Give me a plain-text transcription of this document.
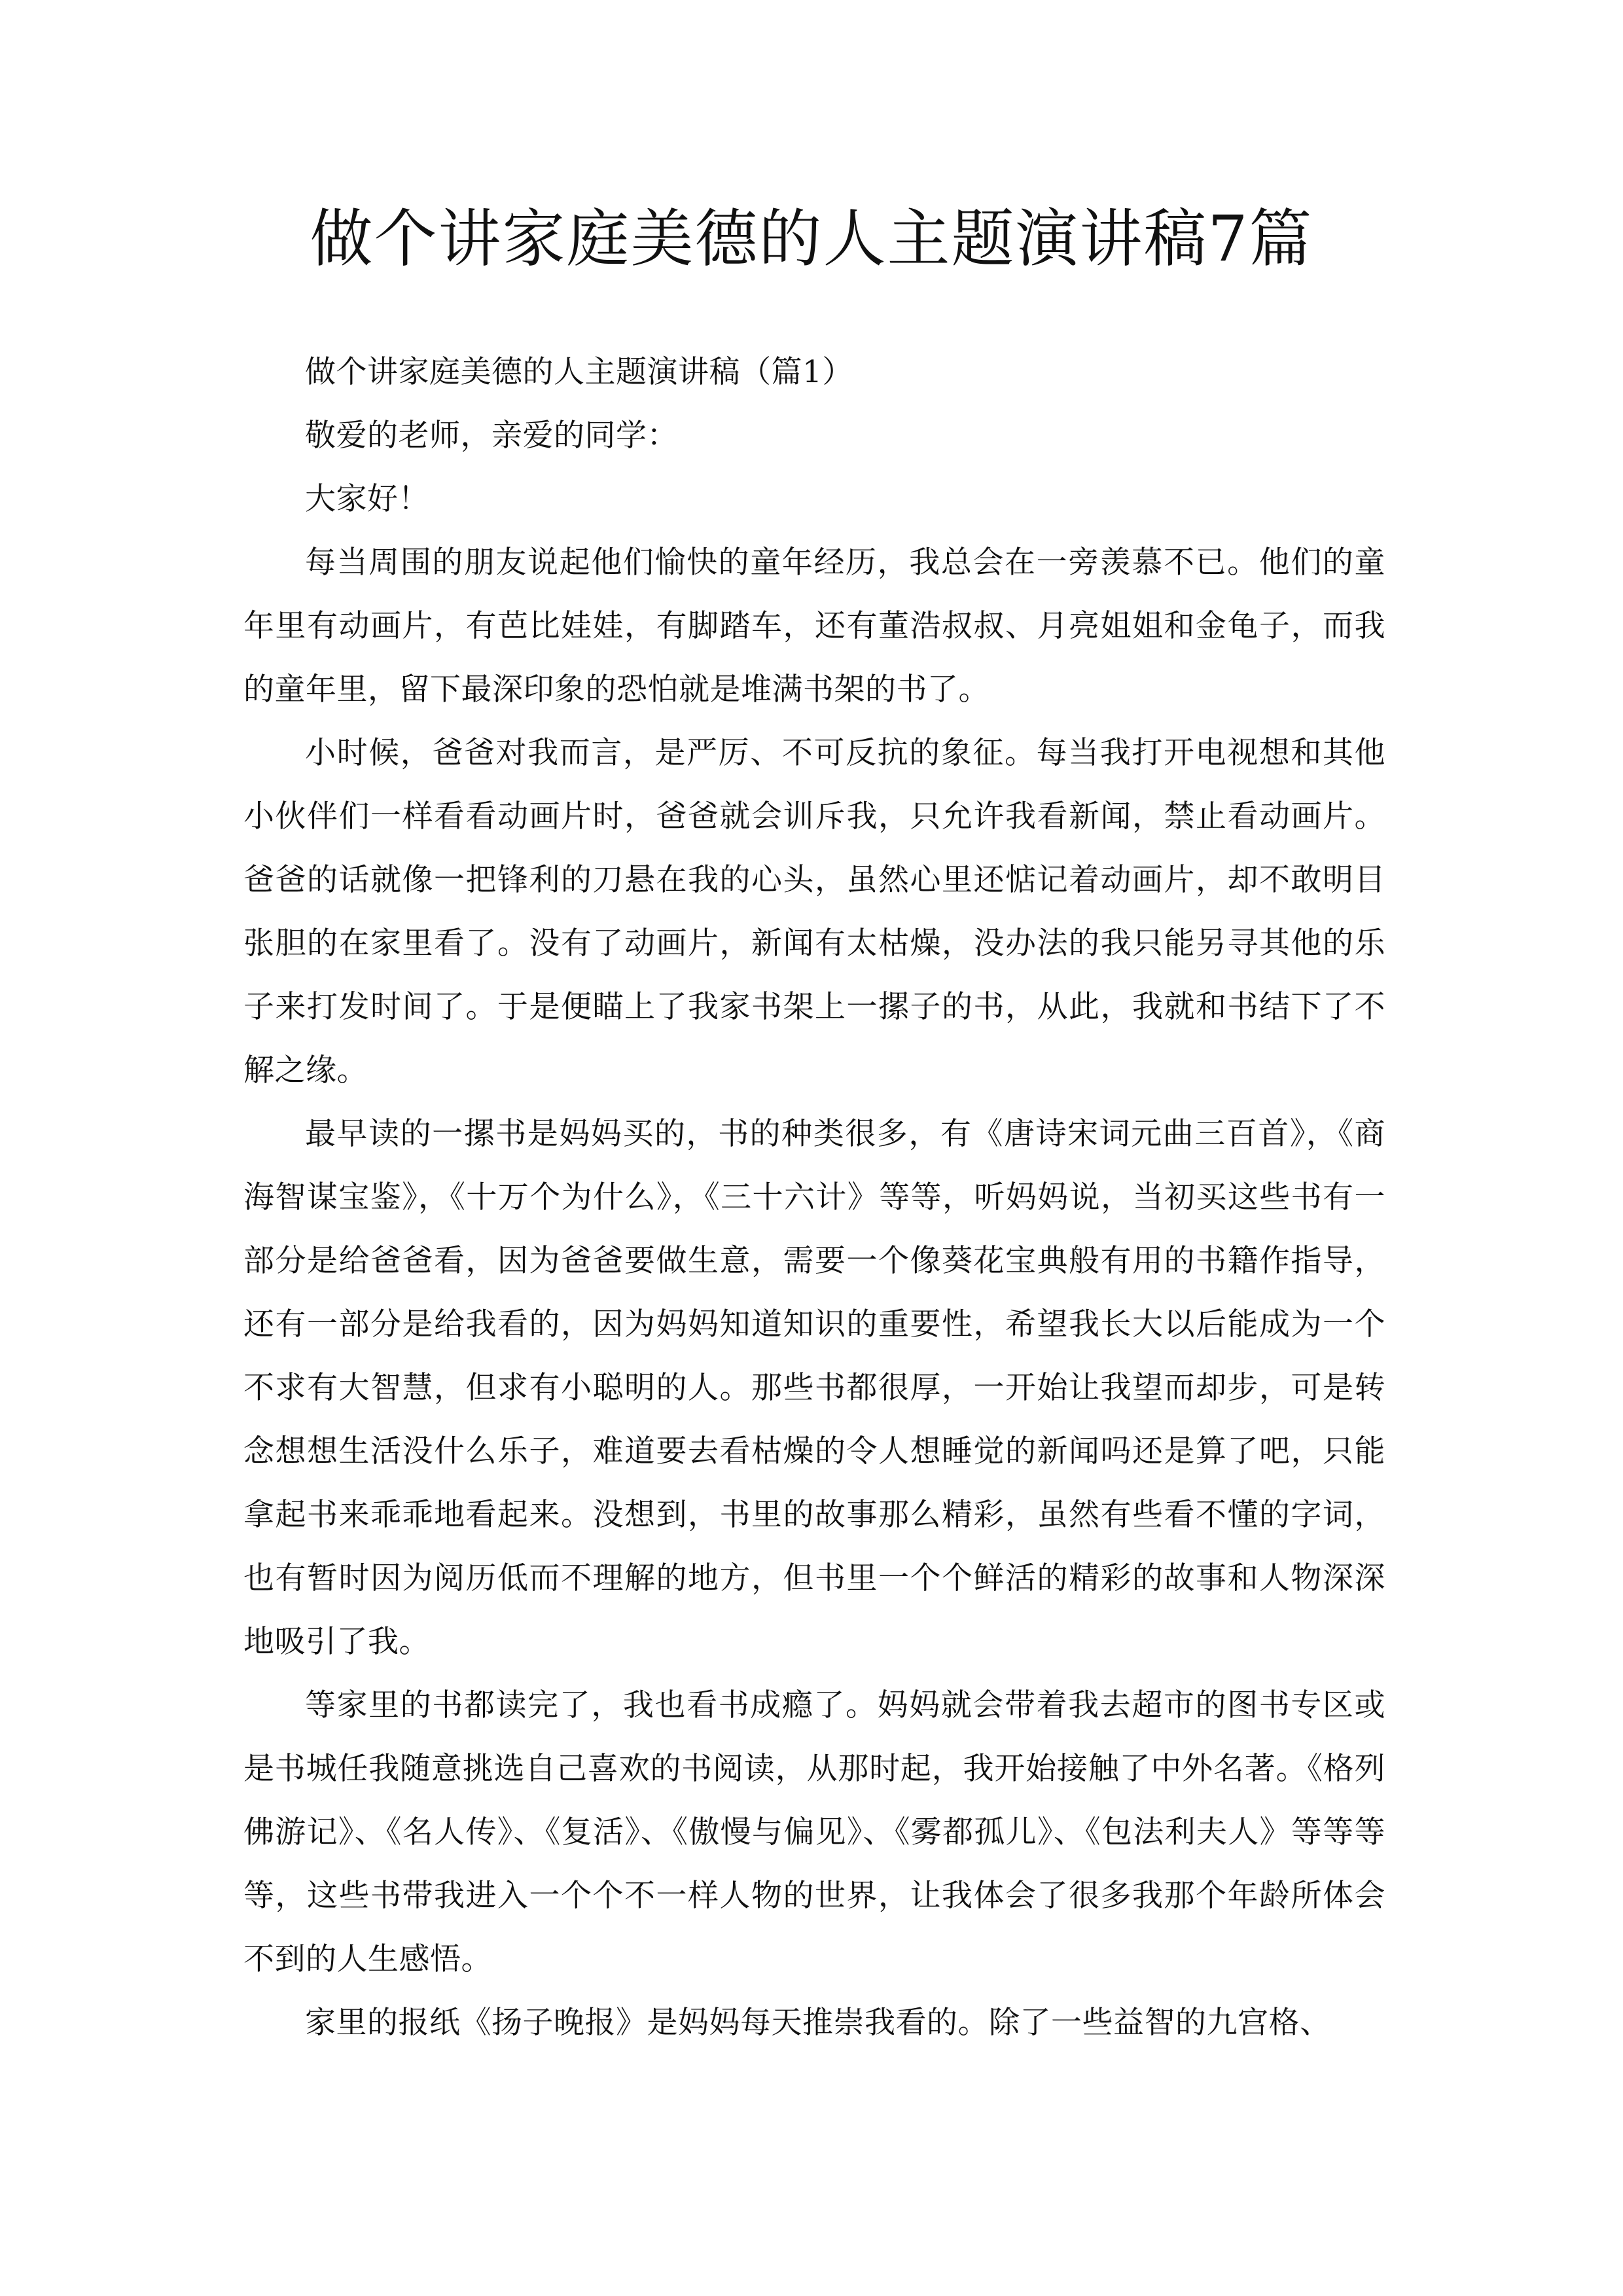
做个讲家庭美德的人主题演讲稿7篇

做个讲家庭美德的人主题演讲稿（篇1）

敬爱的老师，亲爱的同学：

大家好！

每当周围的朋友说起他们愉快的童年经历，我总会在一旁羡慕不已。他们的童年里有动画片，有芭比娃娃，有脚踏车，还有董浩叔叔、月亮姐姐和金龟子，而我的童年里，留下最深印象的恐怕就是堆满书架的书了。

小时候，爸爸对我而言，是严厉、不可反抗的象征。每当我打开电视想和其他小伙伴们一样看看动画片时，爸爸就会训斥我，只允许我看新闻，禁止看动画片。爸爸的话就像一把锋利的刀悬在我的心头，虽然心里还惦记着动画片，却不敢明目张胆的在家里看了。没有了动画片，新闻有太枯燥，没办法的我只能另寻其他的乐子来打发时间了。于是便瞄上了我家书架上一摞子的书，从此，我就和书结下了不解之缘。

最早读的一摞书是妈妈买的，书的种类很多，有《唐诗宋词元曲三百首》，《商海智谋宝鉴》，《十万个为什么》，《三十六计》等等，听妈妈说，当初买这些书有一部分是给爸爸看，因为爸爸要做生意，需要一个像葵花宝典般有用的书籍作指导，还有一部分是给我看的，因为妈妈知道知识的重要性，希望我长大以后能成为一个不求有大智慧，但求有小聪明的人。那些书都很厚，一开始让我望而却步，可是转念想想生活没什么乐子，难道要去看枯燥的令人想睡觉的新闻吗还是算了吧，只能拿起书来乖乖地看起来。没想到，书里的故事那么精彩，虽然有些看不懂的字词，也有暂时因为阅历低而不理解的地方，但书里一个个鲜活的精彩的故事和人物深深地吸引了我。

等家里的书都读完了，我也看书成瘾了。妈妈就会带着我去超市的图书专区或是书城任我随意挑选自己喜欢的书阅读，从那时起，我开始接触了中外名著。《格列佛游记》、《名人传》、《复活》、《傲慢与偏见》、《雾都孤儿》、《包法利夫人》等等等等，这些书带我进入一个个不一样人物的世界，让我体会了很多我那个年龄所体会不到的人生感悟。

家里的报纸《扬子晚报》是妈妈每天推崇我看的。除了一些益智的九宫格、
